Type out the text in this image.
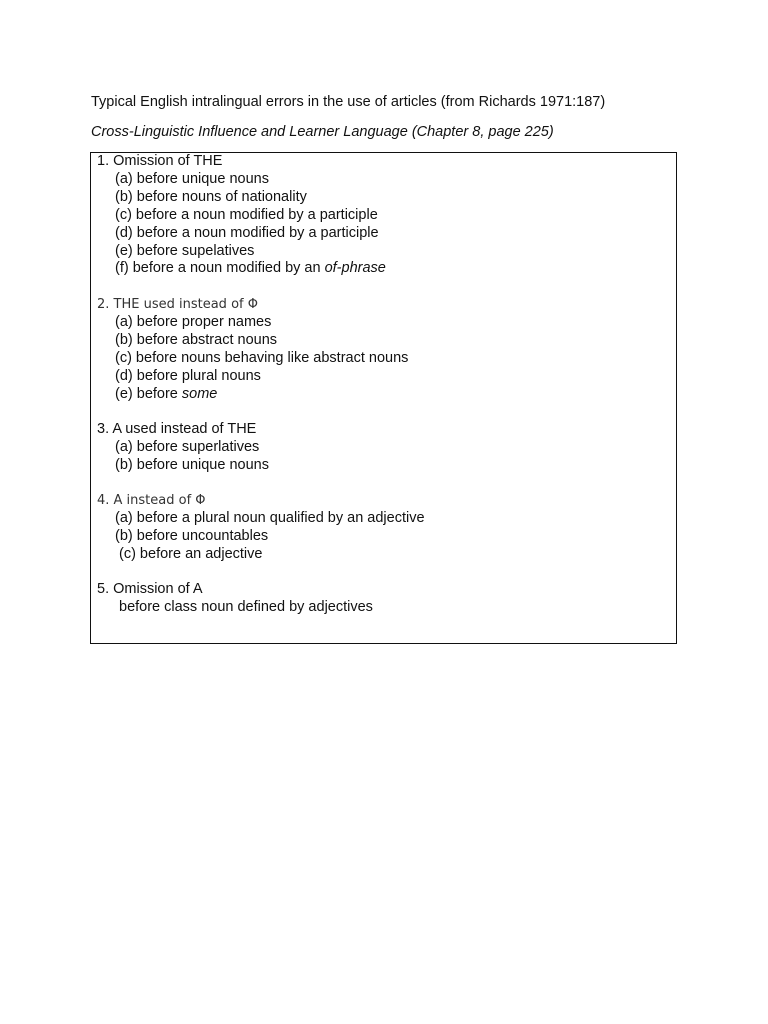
Typical English intralingual errors in the use of articles (from Richards 1971:187)

Cross-Linguistic Influence and Learner Language (Chapter 8, page 225)

1. Omission of THE
(a) before unique nouns
(b) before nouns of nationality
(c) before a noun modified by a participle
(d) before a noun modified by a participle
(e) before supelatives
(f) before a noun modified by an of-phrase
2. THE used instead of Φ
(a) before proper names
(b) before abstract nouns
(c) before nouns behaving like abstract nouns
(d) before plural nouns
(e) before some
3. A used instead of THE
(a) before superlatives
(b) before unique nouns
4. A instead of Φ
(a) before a plural noun qualified by an adjective
(b) before uncountables
(c) before an adjective
5. Omission of A
before class noun defined by adjectives
